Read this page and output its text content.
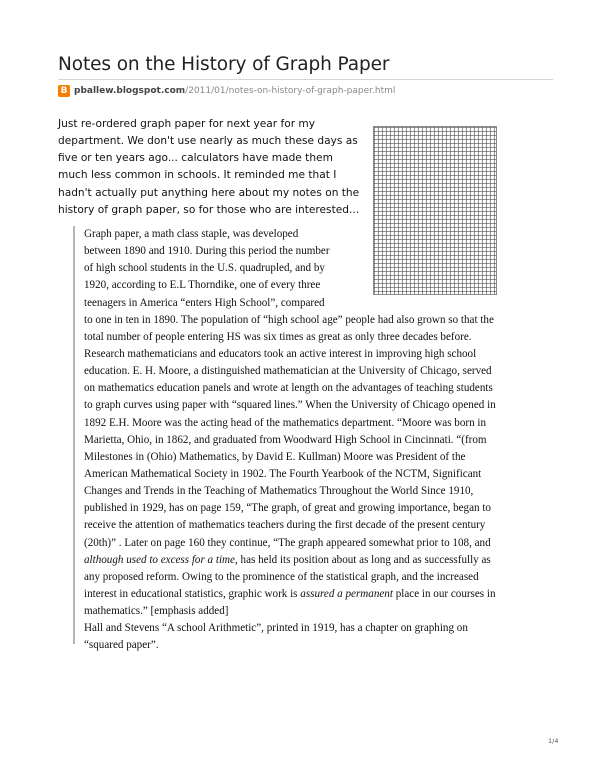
Notes on the History of Graph Paper
B pballew.blogspot.com /2011/01/notes-on-history-of-graph-paper.html

Just re-ordered graph paper for next year for my
department. We don't use nearly as much these days as
five or ten years ago... calculators have made them
much less common in schools. It reminded me that I
hadn't actually put anything here about my notes on the
history of graph paper, so for those who are interested...

Graph paper, a math class staple, was developed
between 1890 and 1910. During this period the number
of high school students in the U.S. quadrupled, and by
1920, according to E.L Thorndike, one of every three
teenagers in America “enters High School”, compared
to one in ten in 1890. The population of “high school age” people had also grown so that the
total number of people entering HS was six times as great as only three decades before.
Research mathematicians and educators took an active interest in improving high school
education. E. H. Moore, a distinguished mathematician at the University of Chicago, served
on mathematics education panels and wrote at length on the advantages of teaching students
to graph curves using paper with “squared lines.” When the University of Chicago opened in
1892 E.H. Moore was the acting head of the mathematics department. “Moore was born in
Marietta, Ohio, in 1862, and graduated from Woodward High School in Cincinnati. “(from
Milestones in (Ohio) Mathematics, by David E. Kullman) Moore was President of the
American Mathematical Society in 1902. The Fourth Yearbook of the NCTM, Significant
Changes and Trends in the Teaching of Mathematics Throughout the World Since 1910,
published in 1929, has on page 159, “The graph, of great and growing importance, began to
receive the attention of mathematics teachers during the first decade of the present century
(20th)” . Later on page 160 they continue, “The graph appeared somewhat prior to 108, and
although used to excess for a time, has held its position about as long and as successfully as
any proposed reform. Owing to the prominence of the statistical graph, and the increased
interest in educational statistics, graphic work is assured a permanent place in our courses in
mathematics.” [emphasis added]
Hall and Stevens “A school Arithmetic”, printed in 1919, has a chapter on graphing on
“squared paper”.
1/4
